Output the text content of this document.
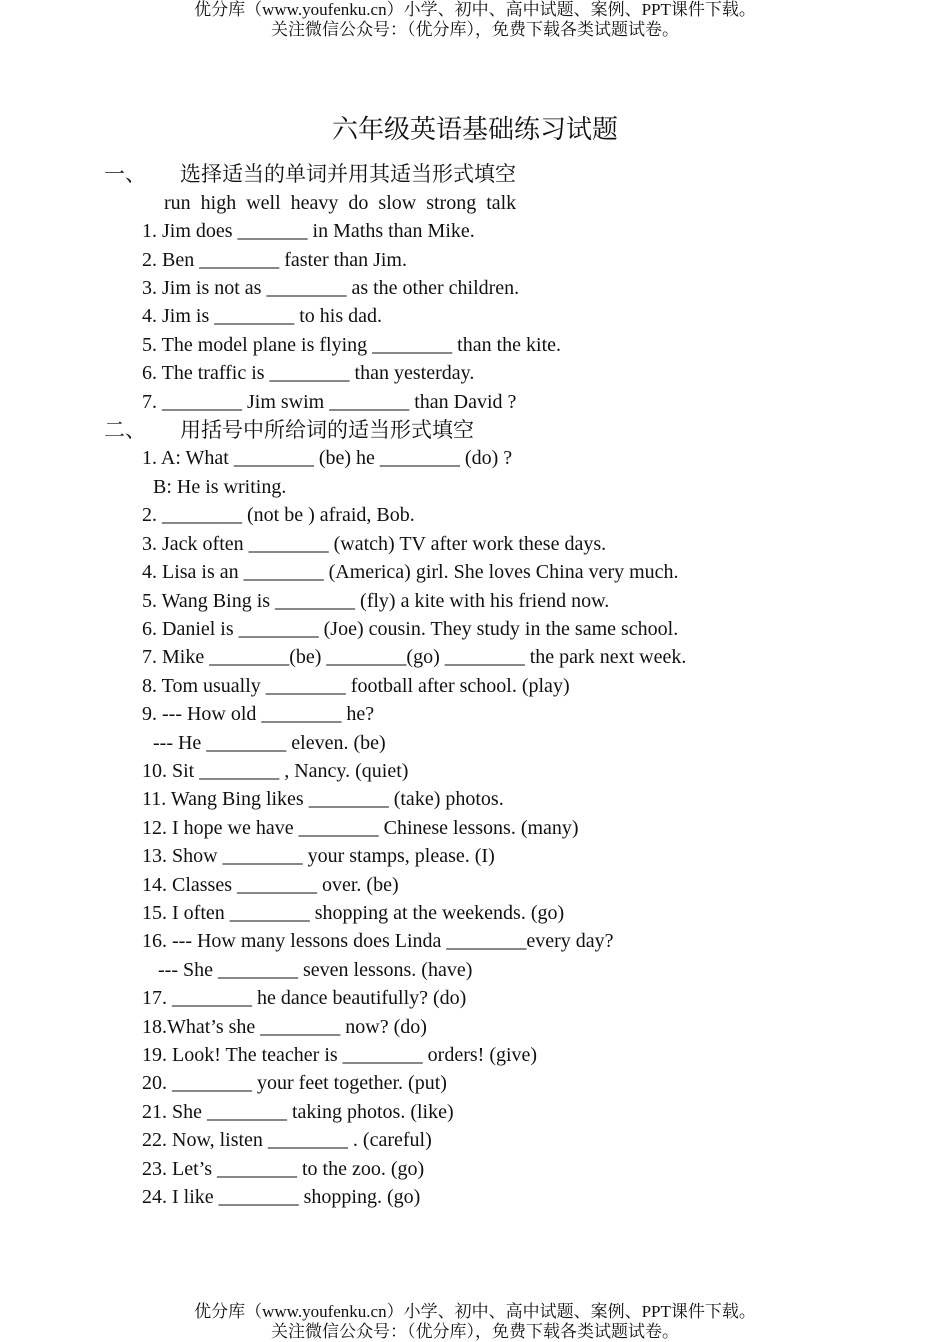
优分库（www.youfenku.cn）小学、初中、高中试题、案例、PPT课件下载。
关注微信公众号：（优分库），免费下载各类试题试卷。
六年级英语基础练习试题
一、 选择适当的单词并用其适当形式填空
run  high  well  heavy  do  slow  strong  talk
1. Jim does _______ in Maths than Mike.
2. Ben ________ faster than Jim.
3. Jim is not as ________ as the other children.
4. Jim is ________ to his dad.
5. The model plane is flying ________ than the kite.
6. The traffic is ________ than yesterday.
7. ________ Jim swim ________ than David ?
二、 用括号中所给词的适当形式填空
1. A: What ________ (be) he ________ (do) ?
B: He is writing.
2. ________ (not be ) afraid, Bob.
3. Jack often ________ (watch) TV after work these days.
4. Lisa is an ________ (America) girl. She loves China very much.
5. Wang Bing is ________ (fly) a kite with his friend now.
6. Daniel is ________ (Joe) cousin. They study in the same school.
7. Mike ________(be) ________(go) ________ the park next week.
8. Tom usually ________ football after school. (play)
9. --- How old ________ he?
--- He ________ eleven. (be)
10. Sit ________ , Nancy. (quiet)
11. Wang Bing likes ________ (take) photos.
12. I hope we have ________ Chinese lessons. (many)
13. Show ________ your stamps, please. (I)
14. Classes ________ over. (be)
15. I often ________ shopping at the weekends. (go)
16. --- How many lessons does Linda ________every day?
--- She ________ seven lessons. (have)
17. ________ he dance beautifully? (do)
18.What’s she ________ now? (do)
19. Look! The teacher is ________ orders! (give)
20. ________ your feet together. (put)
21. She ________ taking photos. (like)
22. Now, listen ________ . (careful)
23. Let’s ________ to the zoo. (go)
24. I like ________ shopping. (go)
优分库（www.youfenku.cn）小学、初中、高中试题、案例、PPT课件下载。
关注微信公众号：（优分库），免费下载各类试题试卷。
